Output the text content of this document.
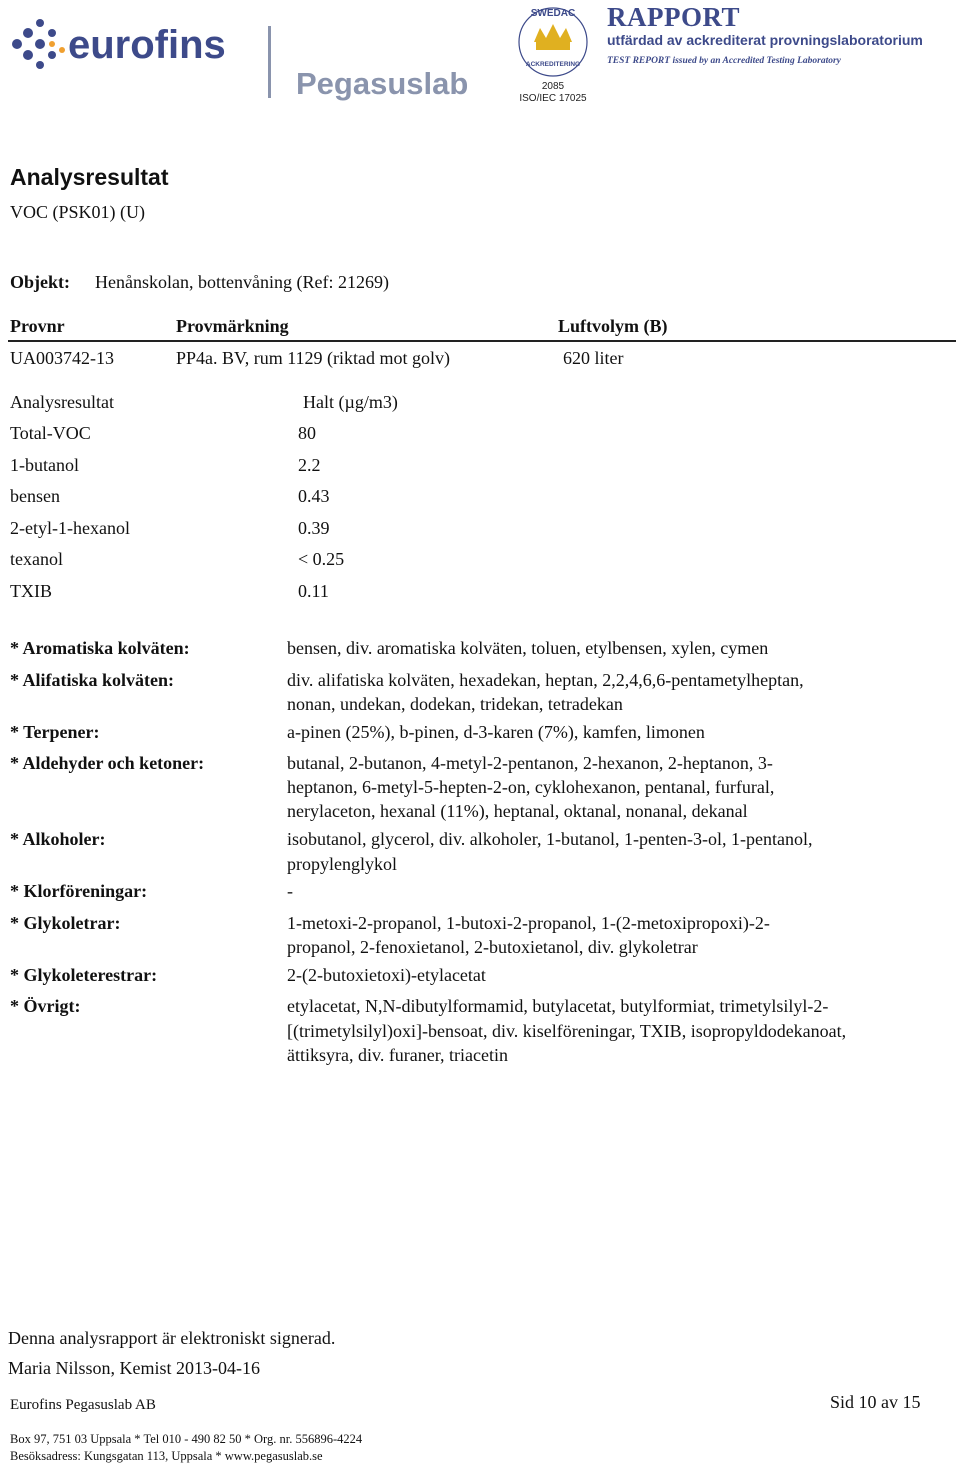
eurofins
Pegasuslab
SWEDAC
ACKREDITERING
2085
ISO/IEC 17025
RAPPORT
utfärdad av ackrediterat provningslaboratorium
TEST REPORT issued by an Accredited Testing Laboratory
Analysresultat
VOC (PSK01) (U)
Objekt: Henånskolan, bottenvåning (Ref: 21269)
Provnr	Provmärkning	Luftvolym (B)
UA003742-13	PP4a. BV, rum 1129 (riktad mot golv)	620 liter
Analysresultat	Halt (µg/m3)
Total-VOC	80
1-butanol	2.2
bensen	0.43
2-etyl-1-hexanol	0.39
texanol	< 0.25
TXIB	0.11
* Aromatiska kolväten:	bensen, div. aromatiska kolväten, toluen, etylbensen, xylen, cymen
* Alifatiska kolväten:	div. alifatiska kolväten, hexadekan, heptan, 2,2,4,6,6-pentametylheptan,
nonan, undekan, dodekan, tridekan, tetradekan
* Terpener:	a-pinen (25%), b-pinen, d-3-karen (7%), kamfen, limonen
* Aldehyder och ketoner:	butanal, 2-butanon, 4-metyl-2-pentanon, 2-hexanon, 2-heptanon, 3-
heptanon, 6-metyl-5-hepten-2-on, cyklohexanon, pentanal, furfural,
nerylaceton, hexanal (11%), heptanal, oktanal, nonanal, dekanal
* Alkoholer:	isobutanol, glycerol, div. alkoholer, 1-butanol, 1-penten-3-ol, 1-pentanol,
propylenglykol
* Klorföreningar:	-
* Glykoletrar:	1-metoxi-2-propanol, 1-butoxi-2-propanol, 1-(2-metoxipropoxi)-2-
propanol, 2-fenoxietanol, 2-butoxietanol, div. glykoletrar
* Glykoleterestrar:	2-(2-butoxietoxi)-etylacetat
* Övrigt:	etylacetat, N,N-dibutylformamid, butylacetat, butylformiat, trimetylsilyl-2-
[(trimetylsilyl)oxi]-bensoat, div. kiselföreningar, TXIB, isopropyldodekanoat,
ättiksyra, div. furaner, triacetin
Denna analysrapport är elektroniskt signerad.
Maria Nilsson, Kemist 2013-04-16
Eurofins Pegasuslab AB	Sid 10 av 15
Box 97, 751 03 Uppsala * Tel 010 - 490 82 50 * Org. nr. 556896-4224
Besöksadress: Kungsgatan 113, Uppsala * www.pegasuslab.se
